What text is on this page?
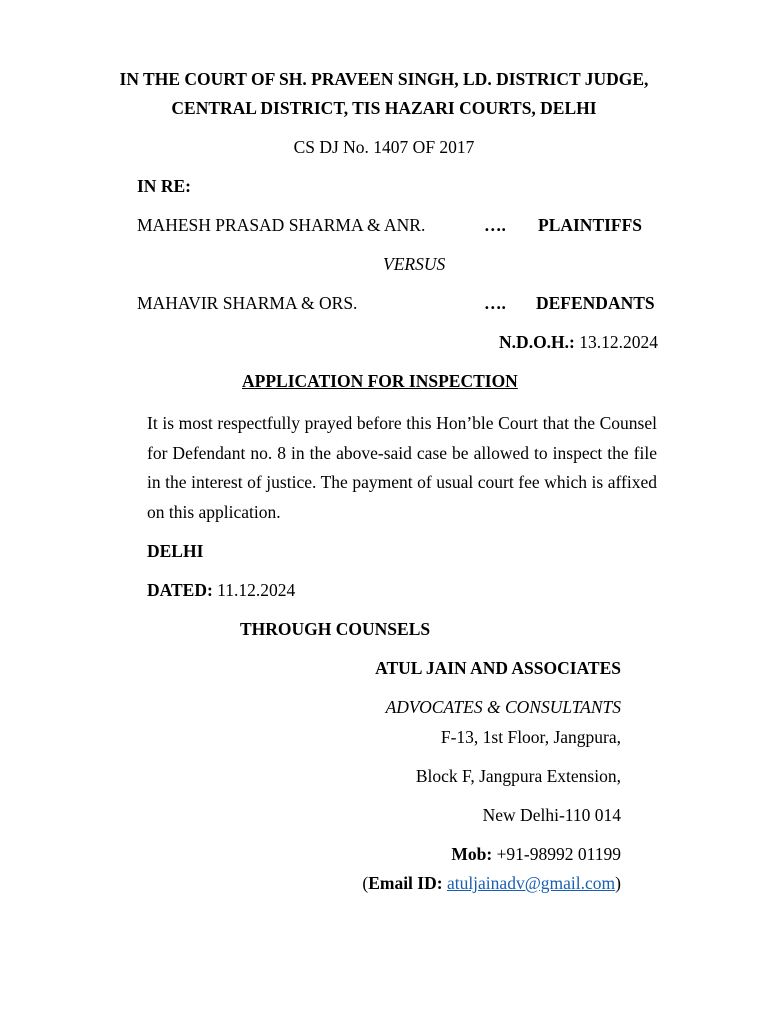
IN THE COURT OF SH. PRAVEEN SINGH, LD. DISTRICT JUDGE,
CENTRAL DISTRICT, TIS HAZARI COURTS, DELHI
CS DJ No. 1407 OF 2017
IN RE:
MAHESH PRASAD SHARMA & ANR.	…. PLAINTIFFS
VERSUS
MAHAVIR SHARMA & ORS.	…. DEFENDANTS
N.D.O.H.: 13.12.2024
APPLICATION FOR INSPECTION
It is most respectfully prayed before this Hon’ble Court that the Counsel for Defendant no. 8 in the above-said case be allowed to inspect the file in the interest of justice. The payment of usual court fee which is affixed on this application.
DELHI
DATED: 11.12.2024
THROUGH COUNSELS
ATUL JAIN AND ASSOCIATES
ADVOCATES & CONSULTANTS
F-13, 1st Floor, Jangpura,
Block F, Jangpura Extension,
New Delhi-110 014
Mob: +91-98992 01199
(Email ID: atuljainadv@gmail.com)
